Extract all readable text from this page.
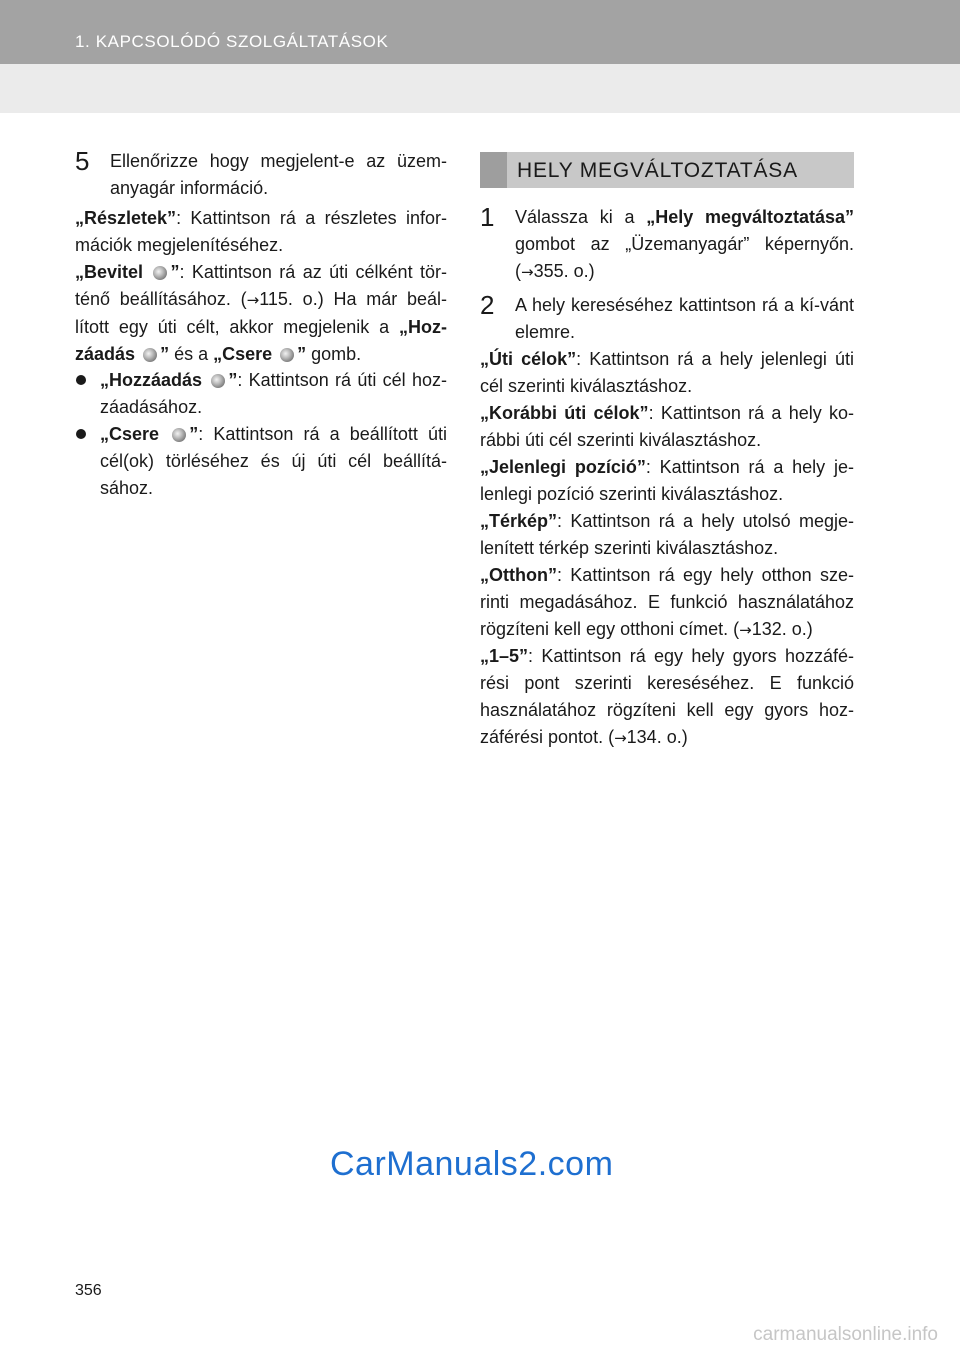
1. KAPCSOLÓDÓ SZOLGÁLTATÁSOK
5 Ellenőrizze hogy megjelent-e az üzem-anyagár információ.
„Részletek”: Kattintson rá a részletes infor-mációk megjelenítéséhez.
„Bevitel ”: Kattintson rá az úti célként tör-ténő beállításához. (→115. o.) Ha már beál-lított egy úti célt, akkor megjelenik a „Hoz-záadás ” és a „Csere ” gomb.
„Hozzáadás ”: Kattintson rá úti cél hoz-záadásához.
„Csere ”: Kattintson rá a beállított úti cél(ok) törléséhez és új úti cél beállítá-sához.
HELY MEGVÁLTOZTATÁSA
1 Válassza ki a „Hely megváltoztatása” gombot az „Üzemanyagár” képernyőn. (→355. o.)
2 A hely kereséséhez kattintson rá a kí-vánt elemre.
„Úti célok”: Kattintson rá a hely jelenlegi úti cél szerinti kiválasztáshoz.
„Korábbi úti célok”: Kattintson rá a hely ko-rábbi úti cél szerinti kiválasztáshoz.
„Jelenlegi pozíció”: Kattintson rá a hely je-lenlegi pozíció szerinti kiválasztáshoz.
„Térkép”: Kattintson rá a hely utolsó megje-lenített térkép szerinti kiválasztáshoz.
„Otthon”: Kattintson rá egy hely otthon sze-rinti megadásához. E funkció használatához rögzíteni kell egy otthoni címet. (→132. o.)
„1–5”: Kattintson rá egy hely gyors hozzáfé-rési pont szerinti kereséséhez. E funkció használatához rögzíteni kell egy gyors hoz-záférési pontot. (→134. o.)
CarManuals2.com
356
carmanualsonline.info
